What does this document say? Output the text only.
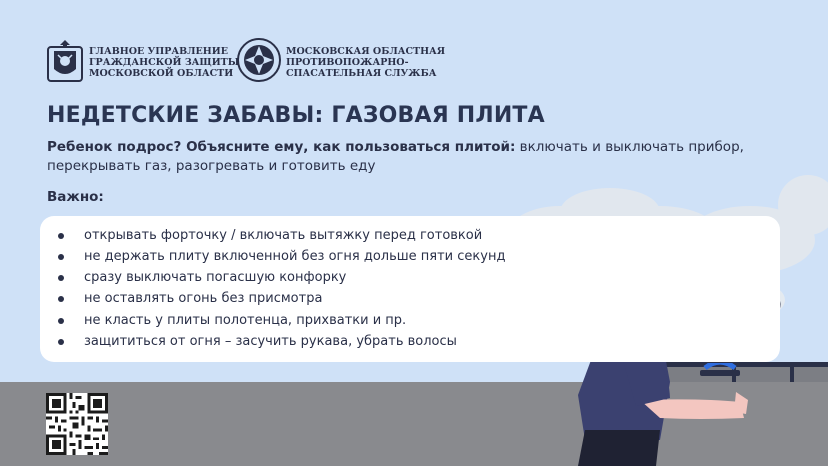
ГЛАВНОЕ УПРАВЛЕНИЕ
ГРАЖДАНСКОЙ ЗАЩИТЫ
МОСКОВСКОЙ ОБЛАСТИ
МОСКОВСКАЯ ОБЛАСТНАЯ
ПРОТИВОПОЖАРНО-
СПАСАТЕЛЬНАЯ СЛУЖБА
НЕДЕТСКИЕ ЗАБАВЫ: ГАЗОВАЯ ПЛИТА
Ребенок подрос? Объясните ему, как пользоваться плитой: включать и выключать прибор, перекрывать газ, разогревать и готовить еду
Важно:
открывать форточку / включать вытяжку перед готовкой
не держать плиту включенной без огня дольше пяти секунд
сразу выключать погасшую конфорку
не оставлять огонь без присмотра
не класть у плиты полотенца, прихватки и пр.
защититься от огня – засучить рукава, убрать волосы
